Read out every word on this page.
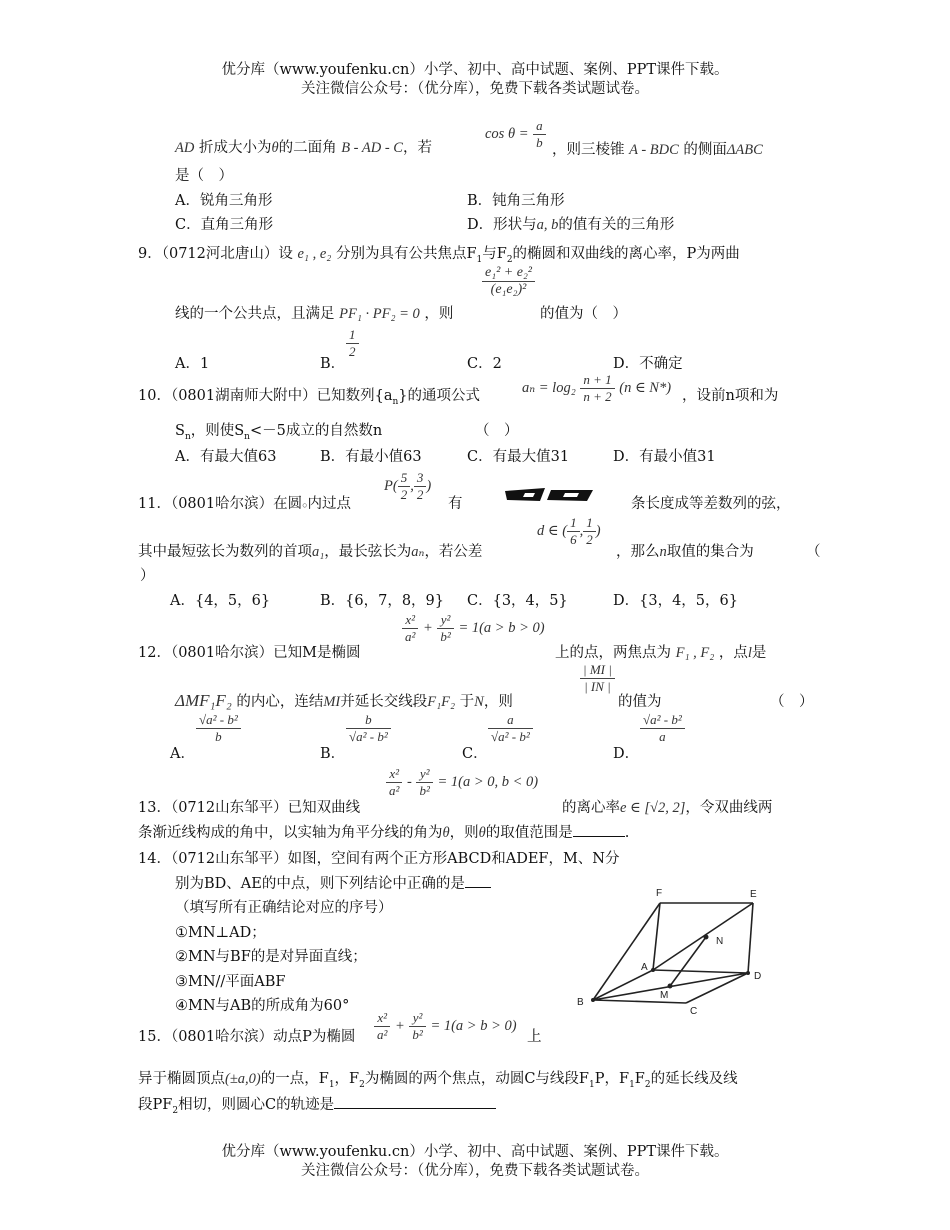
优分库（www.youfenku.cn）小学、初中、高中试题、案例、PPT课件下载。
关注微信公众号：（优分库），免费下载各类试题试卷。
AD 折成大小为θ的二面角 B - AD - C，若
$\cos \theta = \frac{a}{b}$ ，则三棱锥 A - BDC 的侧面ΔABC
是（　）
A．锐角三角形	B．钝角三角形
C．直角三角形	D．形状与a, b的值有关的三角形
9．（0712河北唐山）设 e₁ , e₂ 分别为具有公共焦点$F_1$与$F_2$的椭圆和双曲线的离心率，P为两曲
线的一个公共点，且满足 PF₁ · PF₂ = 0 ，则
$\frac{\text{e₁² + e₂²}}{\text{(e₁e₂)²}}$
的值为（　）
A．1	B．
$\frac{1}{2}$
C．2	D．不确定
10．（0801湖南师大附中）已知数列$\{a_n\}$的通项公式	$a_n = \log_2 \frac{n + 1}{n + 2} (n$ ∈ N*) ，设前n项和为
$S_n$，则使$S_n<-5$成立的自然数n	（　）
A．有最大值63	B．有最小值63	C．有最大值31	D．有最小值31
11．（0801哈尔滨）在圆○内过点
$P( \frac{5}{2}$ , $\frac{3}{2}$ )
有	条长度成等差数列的弦，
其中最短弦长为数列的首项a₁，最长弦长为aₙ，若公差
d ∈ ( $\frac{1}{6}$ , $\frac{1}{2}$ )
，那么n取值的集合为	（
）
A．{4，5，6}	B．{6，7，8，9} C．{3，4，5}	D．{3，4，5，6}
12．（0801哈尔滨）已知M是椭圆
$\frac{\text{x²}}{\text{a²}} + \frac{\text{y²}}{\text{b²}} = 1(a > b > 0)$
上的点，两焦点为 F₁ , F₂ ，点l是
ΔMF₁F₂ 的内心，连结MI并延长交线段F₁F₂ 于N，则
$\frac{| MI |}{| IN |}$
的值为	（　）
A．
$\frac{\text{√a² - b²}}{b}$
B．
$\frac{b}{\text{√a² - b²}}$
C．
$\frac{a}{\text{√a² - b²}}$
D．
$\frac{\text{√a² - b²}}{a}$
$\frac{\text{x²}}{\text{a²}} - \frac{\text{y²}}{\text{b²}} = 1(a > 0$, b < 0)
13．（0712山东邹平）已知双曲线	的离心率e ∈ [√2, 2]，令双曲线两
条渐近线构成的角中，以实轴为角平分线的角为θ，则θ的取值范围是	.
14．（0712山东邹平）如图，空间有两个正方形ABCD和ADEF，M、N分
别为BD、AE的中点，则下列结论中正确的是
（填写所有正确结论对应的序号）
①MN⊥AD；
②MN与BF的是对异面直线；
③MN//平面ABF
④MN与AB的所成角为60°
F	E
N
A
D
M
B
C
15．（0801哈尔滨）动点P为椭圆 $\frac{\text{x²}}{\text{a²}} + \frac{\text{y²}}{\text{b²}} = 1(a > b > 0)$
上
异于椭圆顶点(±a,0)的一点，$F_1$，$F_2$为椭圆的两个焦点，动圆C与线段$F_1P$，$F_1F_2$的延长线及线
段$PF_2$相切，则圆心C的轨迹是
优分库（www.youfenku.cn）小学、初中、高中试题、案例、PPT课件下载。
关注微信公众号：（优分库），免费下载各类试题试卷。
